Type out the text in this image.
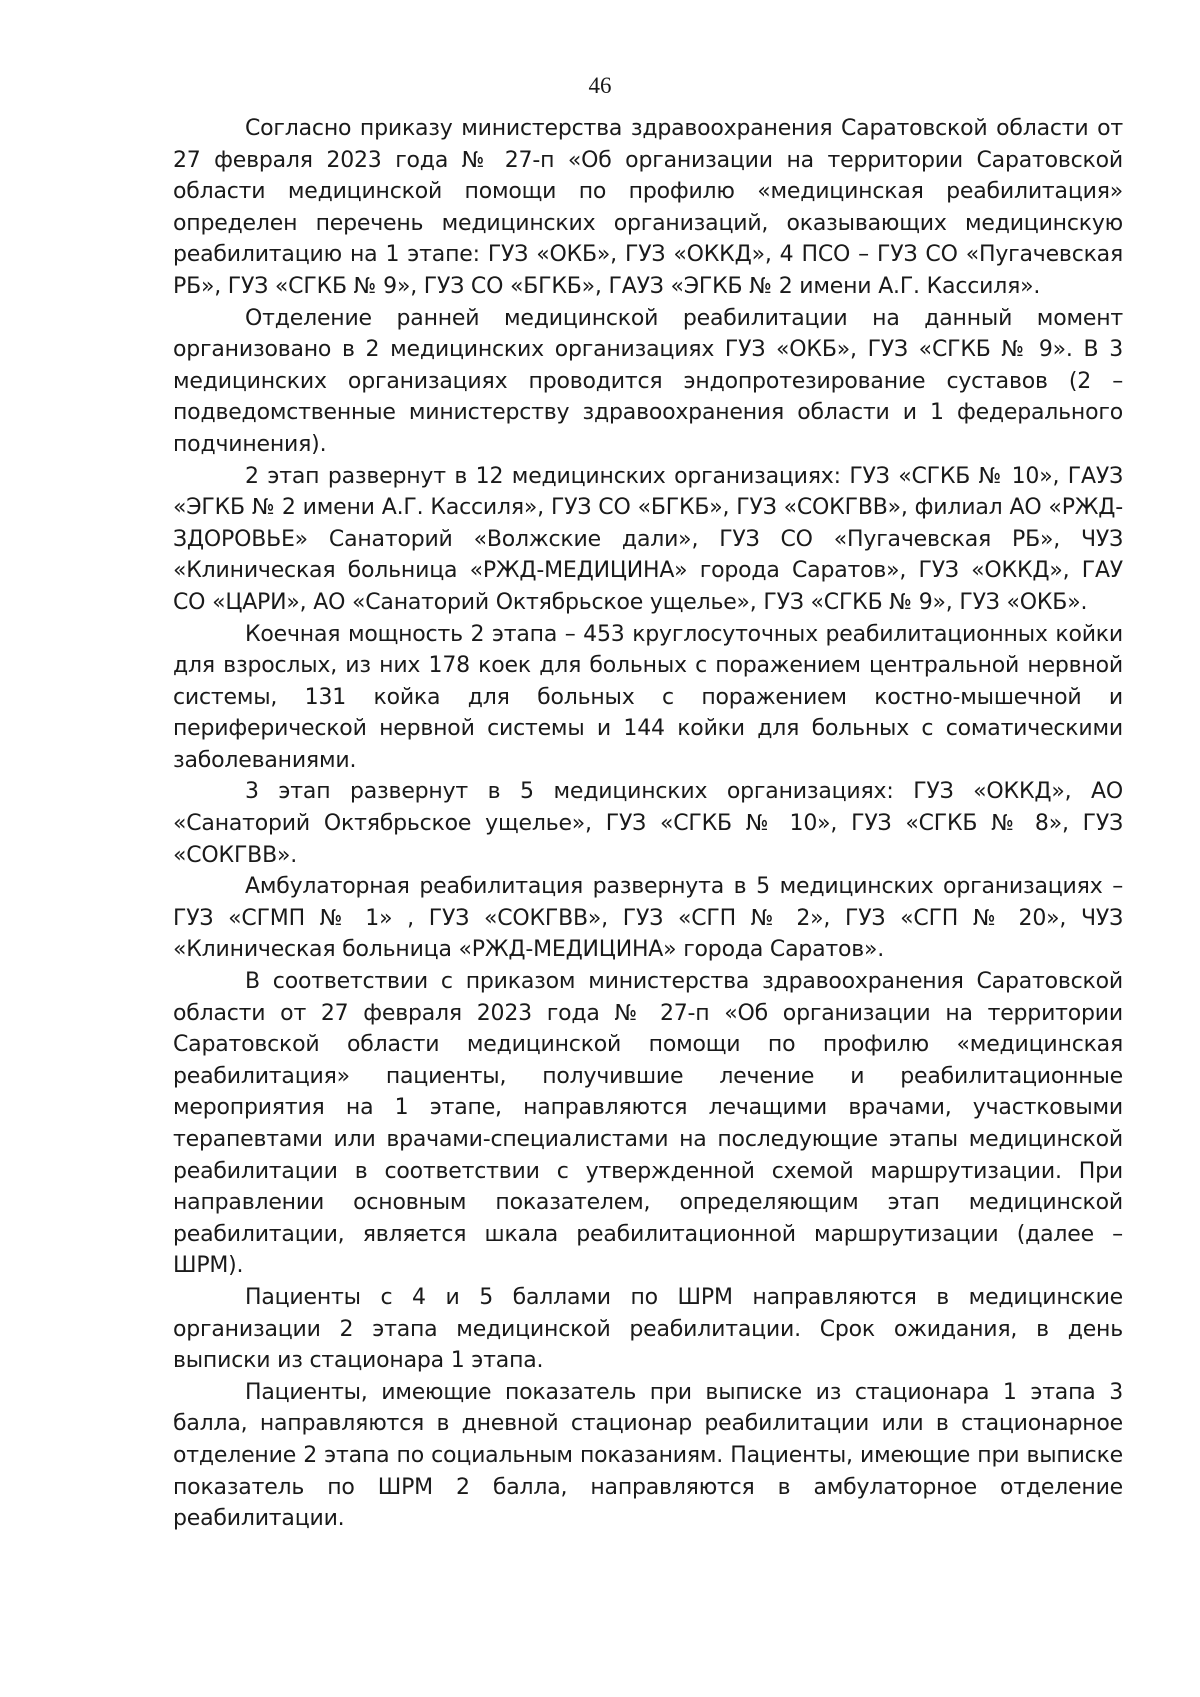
46

Согласно приказу министерства здравоохранения Саратовской области от 27 февраля 2023 года № 27-п «Об организации на территории Саратовской области медицинской помощи по профилю «медицинская реабилитация» определен перечень медицинских организаций, оказывающих медицинскую реабилитацию на 1 этапе: ГУЗ «ОКБ», ГУЗ «ОККД», 4 ПСО – ГУЗ СО «Пугачевская РБ», ГУЗ «СГКБ № 9», ГУЗ СО «БГКБ», ГАУЗ «ЭГКБ № 2 имени А.Г. Кассиля».

Отделение ранней медицинской реабилитации на данный момент организовано в 2 медицинских организациях ГУЗ «ОКБ», ГУЗ «СГКБ № 9». В 3 медицинских организациях проводится эндопротезирование суставов (2 – подведомственные министерству здравоохранения области и 1 федерального подчинения).

2 этап развернут в 12 медицинских организациях: ГУЗ «СГКБ № 10», ГАУЗ «ЭГКБ № 2 имени А.Г. Кассиля», ГУЗ СО «БГКБ», ГУЗ «СОКГВВ», филиал АО «РЖД-ЗДОРОВЬЕ» Санаторий «Волжские дали», ГУЗ СО «Пугачевская РБ», ЧУЗ «Клиническая больница «РЖД-МЕДИЦИНА» города Саратов», ГУЗ «ОККД», ГАУ СО «ЦАРИ», АО «Санаторий Октябрьское ущелье», ГУЗ «СГКБ № 9», ГУЗ «ОКБ».

Коечная мощность 2 этапа – 453 круглосуточных реабилитационных койки для взрослых, из них 178 коек для больных с поражением центральной нервной системы, 131 койка для больных с поражением костно-мышечной и периферической нервной системы и 144 койки для больных с соматическими заболеваниями.

3 этап развернут в 5 медицинских организациях: ГУЗ «ОККД», АО «Санаторий Октябрьское ущелье», ГУЗ «СГКБ № 10», ГУЗ «СГКБ № 8», ГУЗ «СОКГВВ».

Амбулаторная реабилитация развернута в 5 медицинских организациях – ГУЗ «СГМП № 1» , ГУЗ «СОКГВВ», ГУЗ «СГП № 2», ГУЗ «СГП № 20», ЧУЗ «Клиническая больница «РЖД-МЕДИЦИНА» города Саратов».

В соответствии с приказом министерства здравоохранения Саратовской области от 27 февраля 2023 года № 27-п «Об организации на территории Саратовской области медицинской помощи по профилю «медицинская реабилитация» пациенты, получившие лечение и реабилитационные мероприятия на 1 этапе, направляются лечащими врачами, участковыми терапевтами или врачами-специалистами на последующие этапы медицинской реабилитации в соответствии с утвержденной схемой маршрутизации. При направлении основным показателем, определяющим этап медицинской реабилитации, является шкала реабилитационной маршрутизации (далее – ШРМ).

Пациенты с 4 и 5 баллами по ШРМ направляются в медицинские организации 2 этапа медицинской реабилитации. Срок ожидания, в день выписки из стационара 1 этапа.

Пациенты, имеющие показатель при выписке из стационара 1 этапа 3 балла, направляются в дневной стационар реабилитации или в стационарное отделение 2 этапа по социальным показаниям. Пациенты, имеющие при выписке показатель по ШРМ 2 балла, направляются в амбулаторное отделение реабилитации.
